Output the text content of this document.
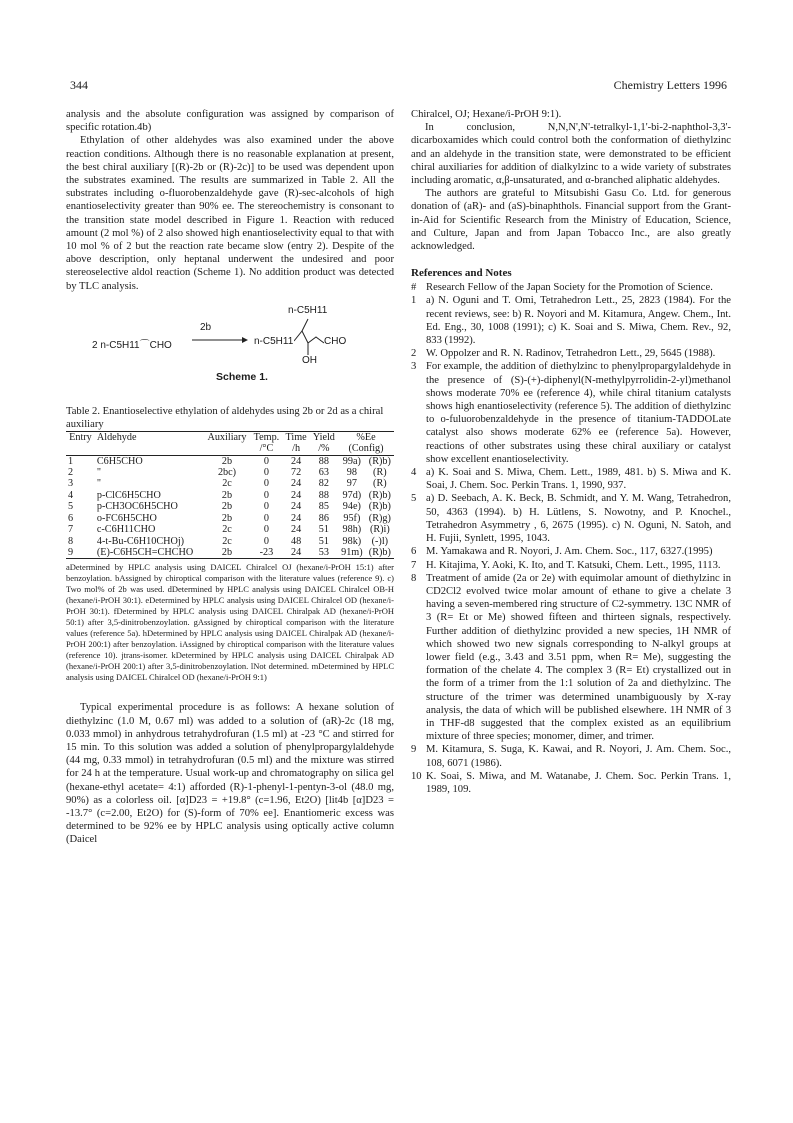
344	Chemistry Letters 1996

analysis and the absolute configuration was assigned by comparison of specific rotation.4b)

Ethylation of other aldehydes was also examined under the above reaction conditions. Although there is no reasonable explanation at present, the best chiral auxiliary [(R)-2b or (R)-2c)] to be used was dependent upon the substrates examined. The results are summarized in Table 2. All the substrates including o-fluorobenzaldehyde gave (R)-sec-alcohols of high enantioselectivity greater than 90% ee. The stereochemistry is consonant to the transition state model described in Figure 1. Reaction with reduced amount (2 mol %) of 2 also showed high enantioselectivity equal to that with 10 mol % of 2 but the reaction rate became slow (entry 2). Despite of the above description, only heptanal underwent the undesired and poor stereoselective aldol reaction (Scheme 1). No addition product was detected by TLC analysis.

2 n-C5H11⌒CHO
2b
n-C5H11
n-C5H11	CHO
OH
Scheme 1.
Table 2. Enantioselective ethylation of aldehydes using 2b or 2d as a chiral auxiliary
Entry	Aldehyde	Auxiliary	Temp.	Time	Yield	%Ee	
			/°C	/h	/%	(Config)	
1	C6H5CHO	2b	0	24	88	99a)	(R)b)
2	"	2bc)	0	72	63	98	(R)
3	"	2c	0	24	82	97	(R)
4	p-ClC6H5CHO	2b	0	24	88	97d)	(R)b)
5	p-CH3OC6H5CHO	2b	0	24	85	94e)	(R)b)
6	o-FC6H5CHO	2b	0	24	86	95f)	(R)g)
7	c-C6H11CHO	2c	0	24	51	98h)	(R)i)
8	4-t-Bu-C6H10CHOj)	2c	0	48	51	98k)	(-)l)
9	(E)-C6H5CH=CHCHO	2b	-23	24	53	91m)	(R)b)
aDetermined by HPLC analysis using DAICEL Chiralcel OJ (hexane/i-PrOH 15:1) after benzoylation. bAssigned by chiroptical comparison with the literature values (reference 9). c) Two mol% of 2b was used. dDetermined by HPLC analysis using DAICEL Chiralcel OB-H (hexane/i-PrOH 30:1). eDetermined by HPLC analysis using DAICEL Chiralcel OD (hexane/i-PrOH 30:1). fDetermined by HPLC analysis using DAICEL Chiralpak AD (hexane/i-PrOH 50:1) after 3,5-dinitrobenzoylation. gAssigned by chiroptical comparison with the literature values (reference 5a). hDetermined by HPLC analysis using DAICEL Chiralpak AD (hexane/i-PrOH 200:1) after benzoylation. iAssigned by chiroptical comparison with the literature values (reference 10). jtrans-isomer. kDetermined by HPLC analysis using DAICEL Chiralpak AD (hexane/i-PrOH 200:1) after 3,5-dinitrobenzoylation. lNot determined. mDetermined by HPLC analysis using DAICEL Chiralcel OD (hexane/i-PrOH 9:1)

Typical experimental procedure is as follows: A hexane solution of diethylzinc (1.0 M, 0.67 ml) was added to a solution of (aR)-2c (18 mg, 0.033 mmol) in anhydrous tetrahydrofuran (1.5 ml) at -23 °C and stirred for 15 min. To this solution was added a solution of phenylpropargylaldehyde (44 mg, 0.33 mmol) in tetrahydrofuran (0.5 ml) and the mixture was stirred for 24 h at the temperature. Usual work-up and chromatography on silica gel (hexane-ethyl acetate= 4:1) afforded (R)-1-phenyl-1-pentyn-3-ol (48.0 mg, 90%) as a colorless oil. [α]D23 = +19.8° (c=1.96, Et2O) [lit4b [α]D23 = -13.7° (c=2.00, Et2O) for (S)-form of 70% ee]. Enantiomeric excess was determined to be 92% ee by HPLC analysis using optically active column (Daicel

Chiralcel, OJ; Hexane/i-PrOH 9:1).

In conclusion, N,N,N',N'-tetralkyl-1,1'-bi-2-naphthol-3,3'-dicarboxamides which could control both the conformation of diethylzinc and an aldehyde in the transition state, were demonstrated to be efficient chiral auxiliaries for addition of dialkylzinc to a wide variety of substrates including aromatic, α,β-unsaturated, and α-branched aliphatic aldehydes.

The authors are grateful to Mitsubishi Gasu Co. Ltd. for generous donation of (aR)- and (aS)-binaphthols. Financial support from the Grant-in-Aid for Scientific Research from the Ministry of Education, Science, and Culture, Japan and from Japan Tobacco Inc., are also greatly acknowledged.

References and Notes
# Research Fellow of the Japan Society for the Promotion of Science.
1 a) N. Oguni and T. Omi, Tetrahedron Lett., 25, 2823 (1984). For the recent reviews, see: b) R. Noyori and M. Kitamura, Angew. Chem., Int. Ed. Eng., 30, 1008 (1991); c) K. Soai and S. Miwa, Chem. Rev., 92, 833 (1992).
2 W. Oppolzer and R. N. Radinov, Tetrahedron Lett., 29, 5645 (1988).
3 For example, the addition of diethylzinc to phenylpropargylaldehyde in the presence of (S)-(+)-diphenyl(N-methylpyrrolidin-2-yl)methanol shows moderate 70% ee (reference 4), while chiral titanium catalysts shows high enantioselectivity (reference 5). The addition of diethylzinc to o-fuluorobenzaldehyde in the presence of titanium-TADDOLate catalyst also shows moderate 62% ee (reference 5a). However, reactions of other substrates using these chiral auxiliary or catalyst show excellent enantioselectivity.
4 a) K. Soai and S. Miwa, Chem. Lett., 1989, 481. b) S. Miwa and K. Soai, J. Chem. Soc. Perkin Trans. 1, 1990, 937.
5 a) D. Seebach, A. K. Beck, B. Schmidt, and Y. M. Wang, Tetrahedron, 50, 4363 (1994). b) H. Lütlens, S. Nowotny, and P. Knochel., Tetrahedron Asymmetry , 6, 2675 (1995). c) N. Oguni, N. Satoh, and H. Fujii, Synlett, 1995, 1043.
6 M. Yamakawa and R. Noyori, J. Am. Chem. Soc., 117, 6327.(1995)
7 H. Kitajima, Y. Aoki, K. Ito, and T. Katsuki, Chem. Lett., 1995, 1113.
8 Treatment of amide (2a or 2e) with equimolar amount of diethylzinc in CD2Cl2 evolved twice molar amount of ethane to give a chelate 3 having a seven-membered ring structure of C2-symmetry. 13C NMR of 3 (R= Et or Me) showed fifteen and thirteen signals, respectively. Further addition of diethylzinc provided a new species, 1H NMR of which showed two new signals corresponding to N-alkyl groups at lower field (e.g., 3.43 and 3.51 ppm, when R= Me), suggesting the formation of the chelate 4. The complex 3 (R= Et) crystallized out in the form of a trimer from the 1:1 solution of 2a and diethylzinc. The structure of the trimer was determined unambiguously by X-ray analysis, the data of which will be published elsewhere. 1H NMR of 3 in THF-d8 suggested that the complex existed as an equilibrium mixture of three species; monomer, dimer, and trimer.
9 M. Kitamura, S. Suga, K. Kawai, and R. Noyori, J. Am. Chem. Soc., 108, 6071 (1986).
10 K. Soai, S. Miwa, and M. Watanabe, J. Chem. Soc. Perkin Trans. 1, 1989, 109.
